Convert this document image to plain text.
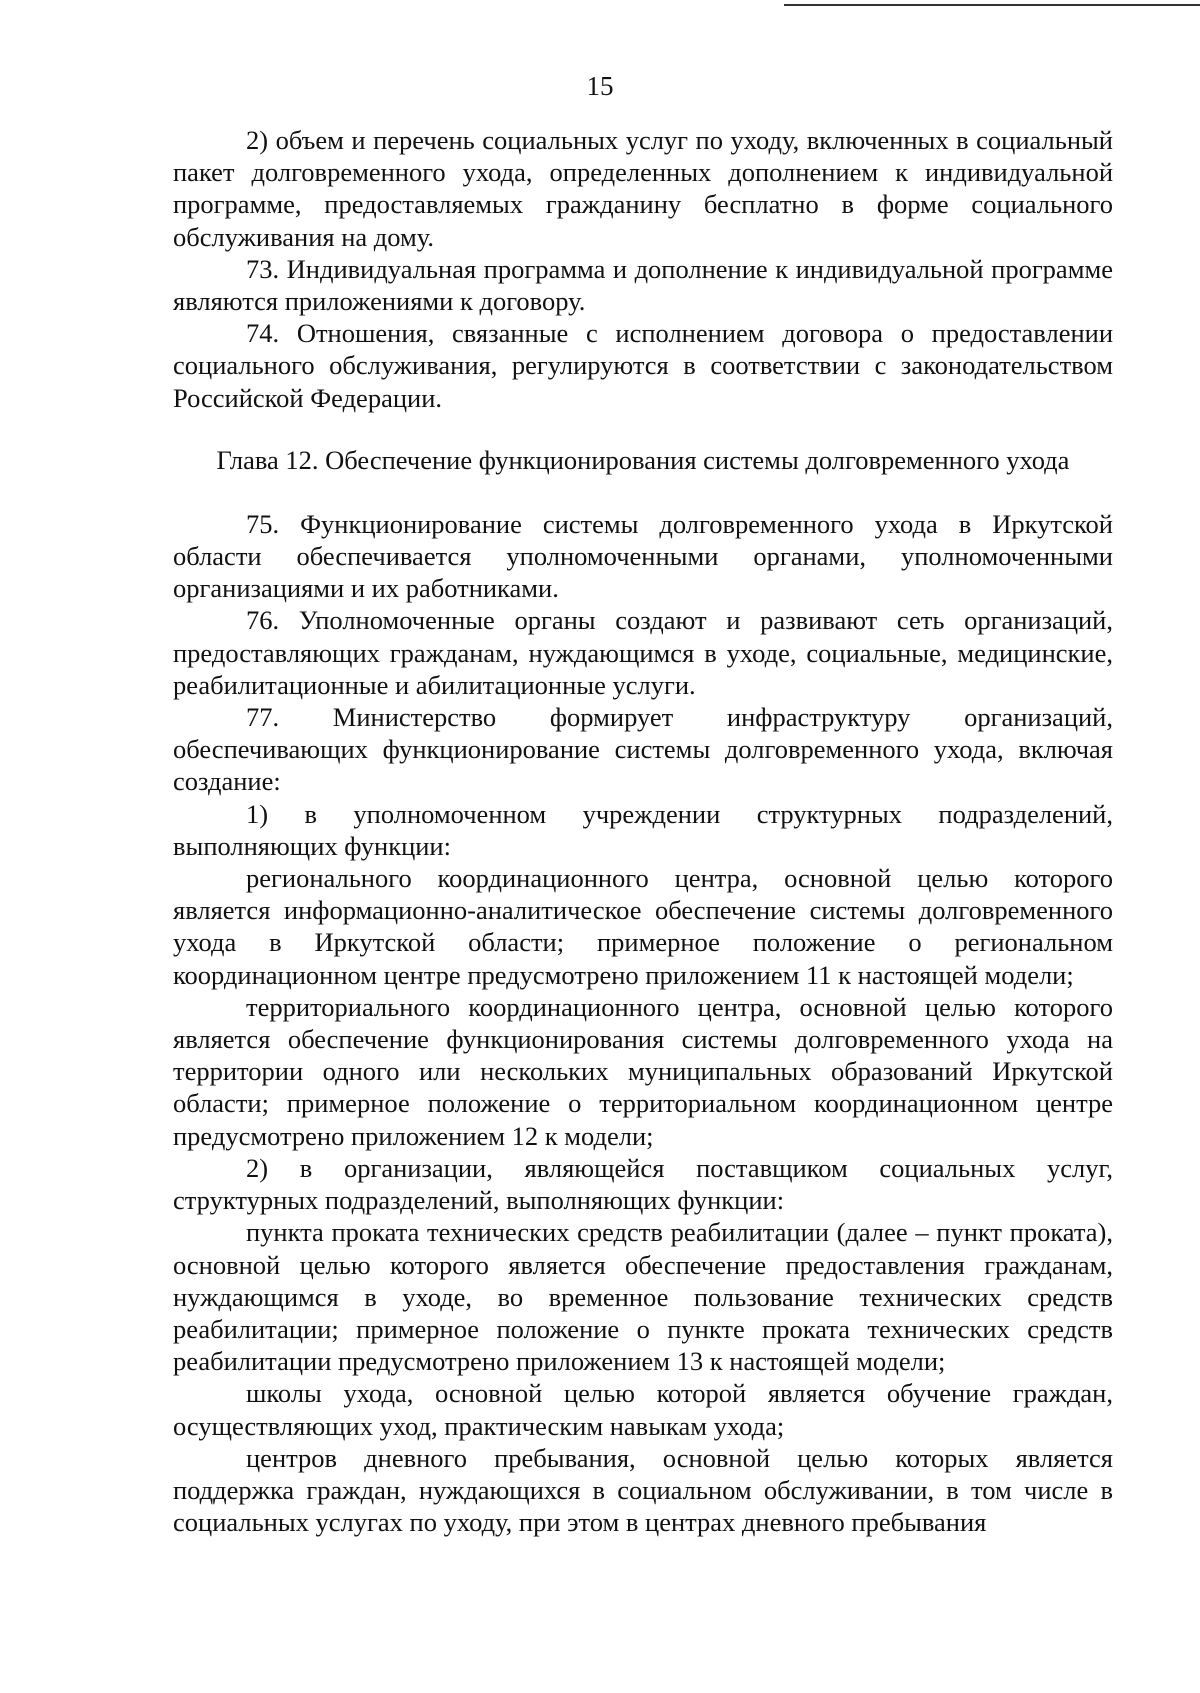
15

2) объем и перечень социальных услуг по уходу, включенных в социальный пакет долговременного ухода, определенных дополнением к индивидуальной программе, предоставляемых гражданину бесплатно в форме социального обслуживания на дому.

73. Индивидуальная программа и дополнение к индивидуальной программе являются приложениями к договору.

74. Отношения, связанные с исполнением договора о предоставлении социального обслуживания, регулируются в соответствии с законодательством Российской Федерации.

Глава 12. Обеспечение функционирования системы долговременного ухода

75. Функционирование системы долговременного ухода в Иркутской области обеспечивается уполномоченными органами, уполномоченными организациями и их работниками.

76. Уполномоченные органы создают и развивают сеть организаций, предоставляющих гражданам, нуждающимся в уходе, социальные, медицинские, реабилитационные и абилитационные услуги.

77. Министерство формирует инфраструктуру организаций, обеспечивающих функционирование системы долговременного ухода, включая создание:

1) в уполномоченном учреждении структурных подразделений, выполняющих функции:

регионального координационного центра, основной целью которого является информационно-аналитическое обеспечение системы долговременного ухода в Иркутской области; примерное положение о региональном координационном центре предусмотрено приложением 11 к настоящей модели;

территориального координационного центра, основной целью которого является обеспечение функционирования системы долговременного ухода на территории одного или нескольких муниципальных образований Иркутской области; примерное положение о территориальном координационном центре предусмотрено приложением 12 к модели;

2) в организации, являющейся поставщиком социальных услуг, структурных подразделений, выполняющих функции:

пункта проката технических средств реабилитации (далее – пункт проката), основной целью которого является обеспечение предоставления гражданам, нуждающимся в уходе, во временное пользование технических средств реабилитации; примерное положение о пункте проката технических средств реабилитации предусмотрено приложением 13 к настоящей модели;

школы ухода, основной целью которой является обучение граждан, осуществляющих уход, практическим навыкам ухода;

центров дневного пребывания, основной целью которых является поддержка граждан, нуждающихся в социальном обслуживании, в том числе в социальных услугах по уходу, при этом в центрах дневного пребывания
